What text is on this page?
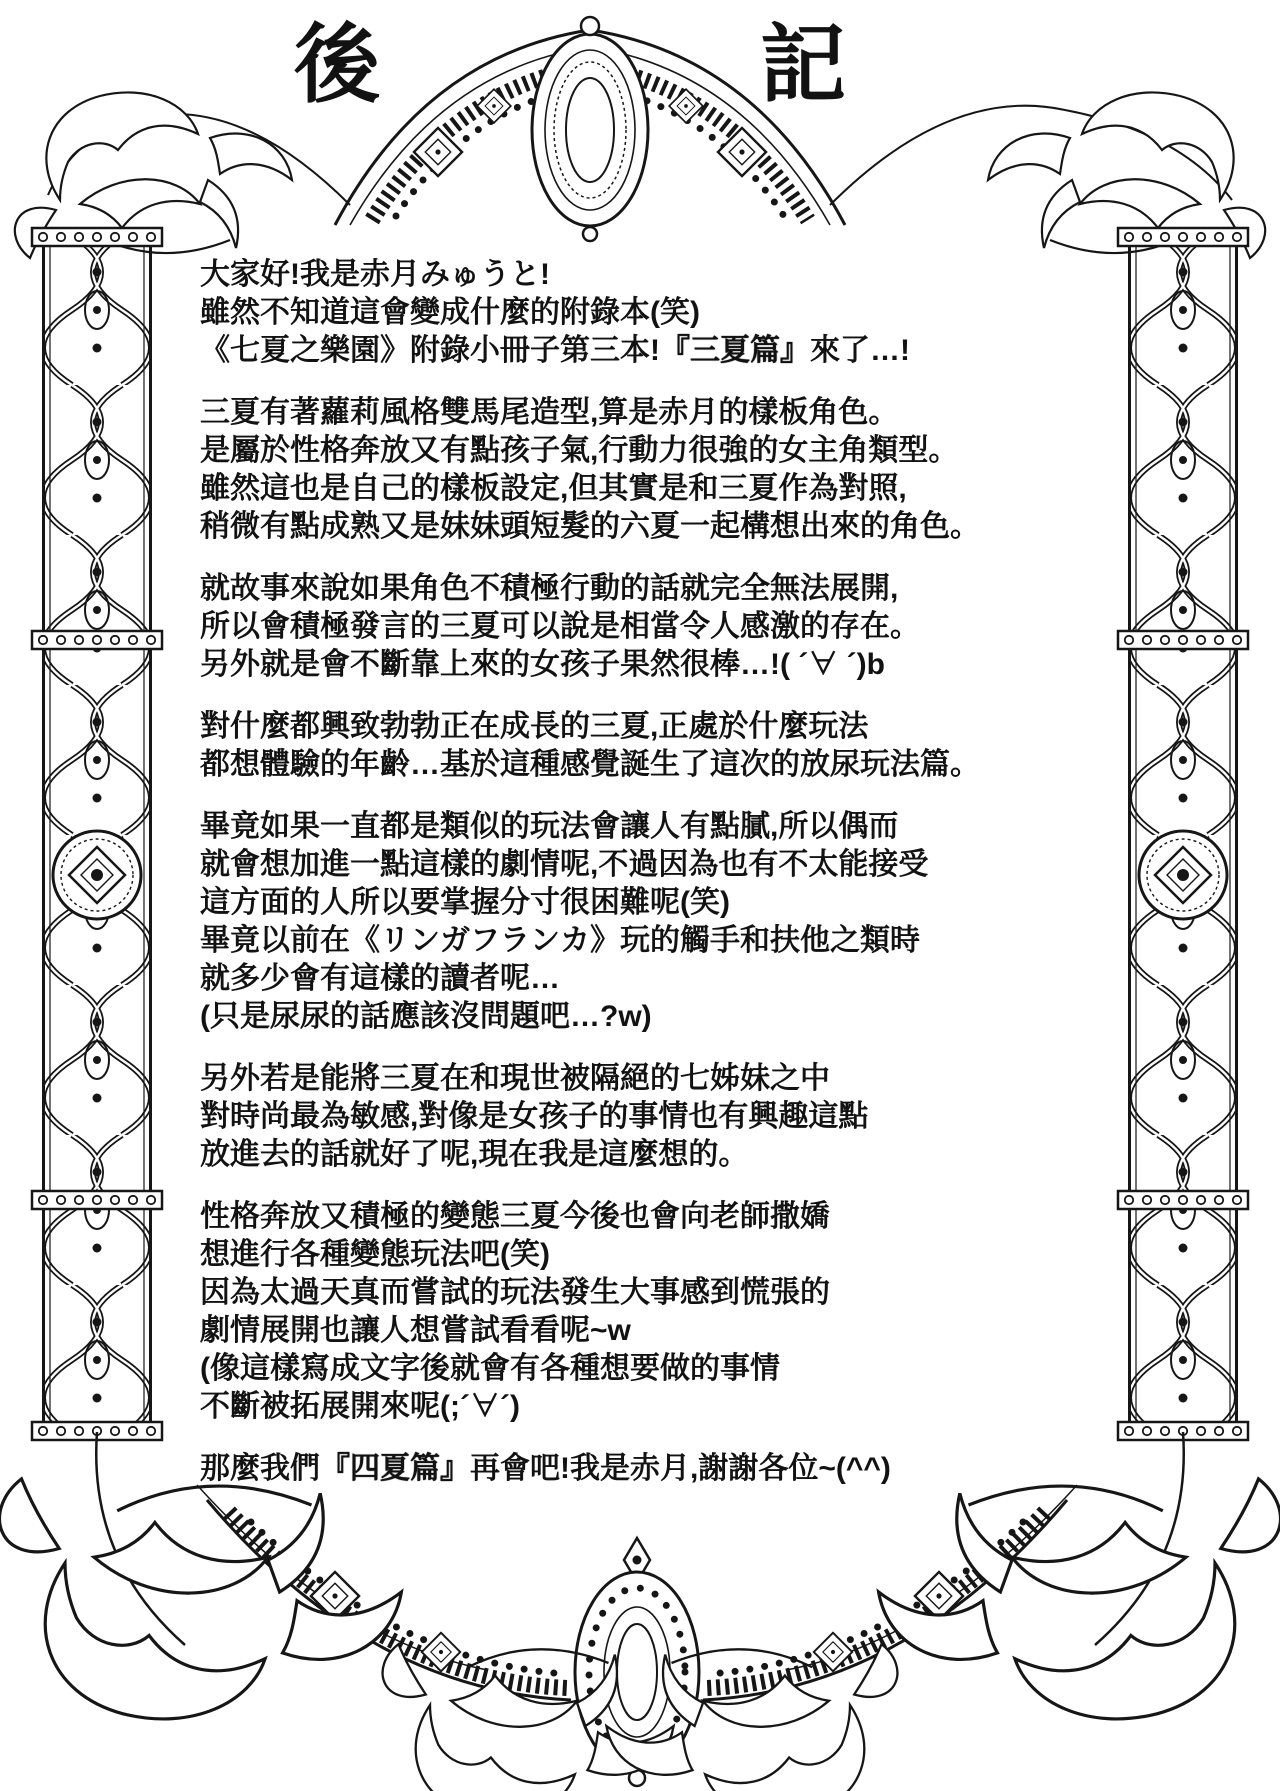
後	記

大家好!我是赤月みゅうと!
雖然不知道這會變成什麼的附錄本(笑)
《七夏之樂園》附錄小冊子第三本!『三夏篇』來了…!

三夏有著蘿莉風格雙馬尾造型,算是赤月的樣板角色。
是屬於性格奔放又有點孩子氣,行動力很強的女主角類型。
雖然這也是自己的樣板設定,但其實是和三夏作為對照,
稍微有點成熟又是妹妹頭短髮的六夏一起構想出來的角色。

就故事來說如果角色不積極行動的話就完全無法展開,
所以會積極發言的三夏可以說是相當令人感激的存在。
另外就是會不斷靠上來的女孩子果然很棒…!( ´∀ ´)b

對什麼都興致勃勃正在成長的三夏,正處於什麼玩法
都想體驗的年齡…基於這種感覺誕生了這次的放尿玩法篇。

畢竟如果一直都是類似的玩法會讓人有點膩,所以偶而
就會想加進一點這樣的劇情呢,不過因為也有不太能接受
這方面的人所以要掌握分寸很困難呢(笑)
畢竟以前在《リンガフランカ》玩的觸手和扶他之類時
就多少會有這樣的讀者呢…
(只是尿尿的話應該沒問題吧…?w)

另外若是能將三夏在和現世被隔絕的七姊妹之中
對時尚最為敏感,對像是女孩子的事情也有興趣這點
放進去的話就好了呢,現在我是這麼想的。

性格奔放又積極的變態三夏今後也會向老師撒嬌
想進行各種變態玩法吧(笑)
因為太過天真而嘗試的玩法發生大事感到慌張的
劇情展開也讓人想嘗試看看呢~w
(像這樣寫成文字後就會有各種想要做的事情
不斷被拓展開來呢(;´∀´)

那麼我們『四夏篇』再會吧!我是赤月,謝謝各位~(^^)
